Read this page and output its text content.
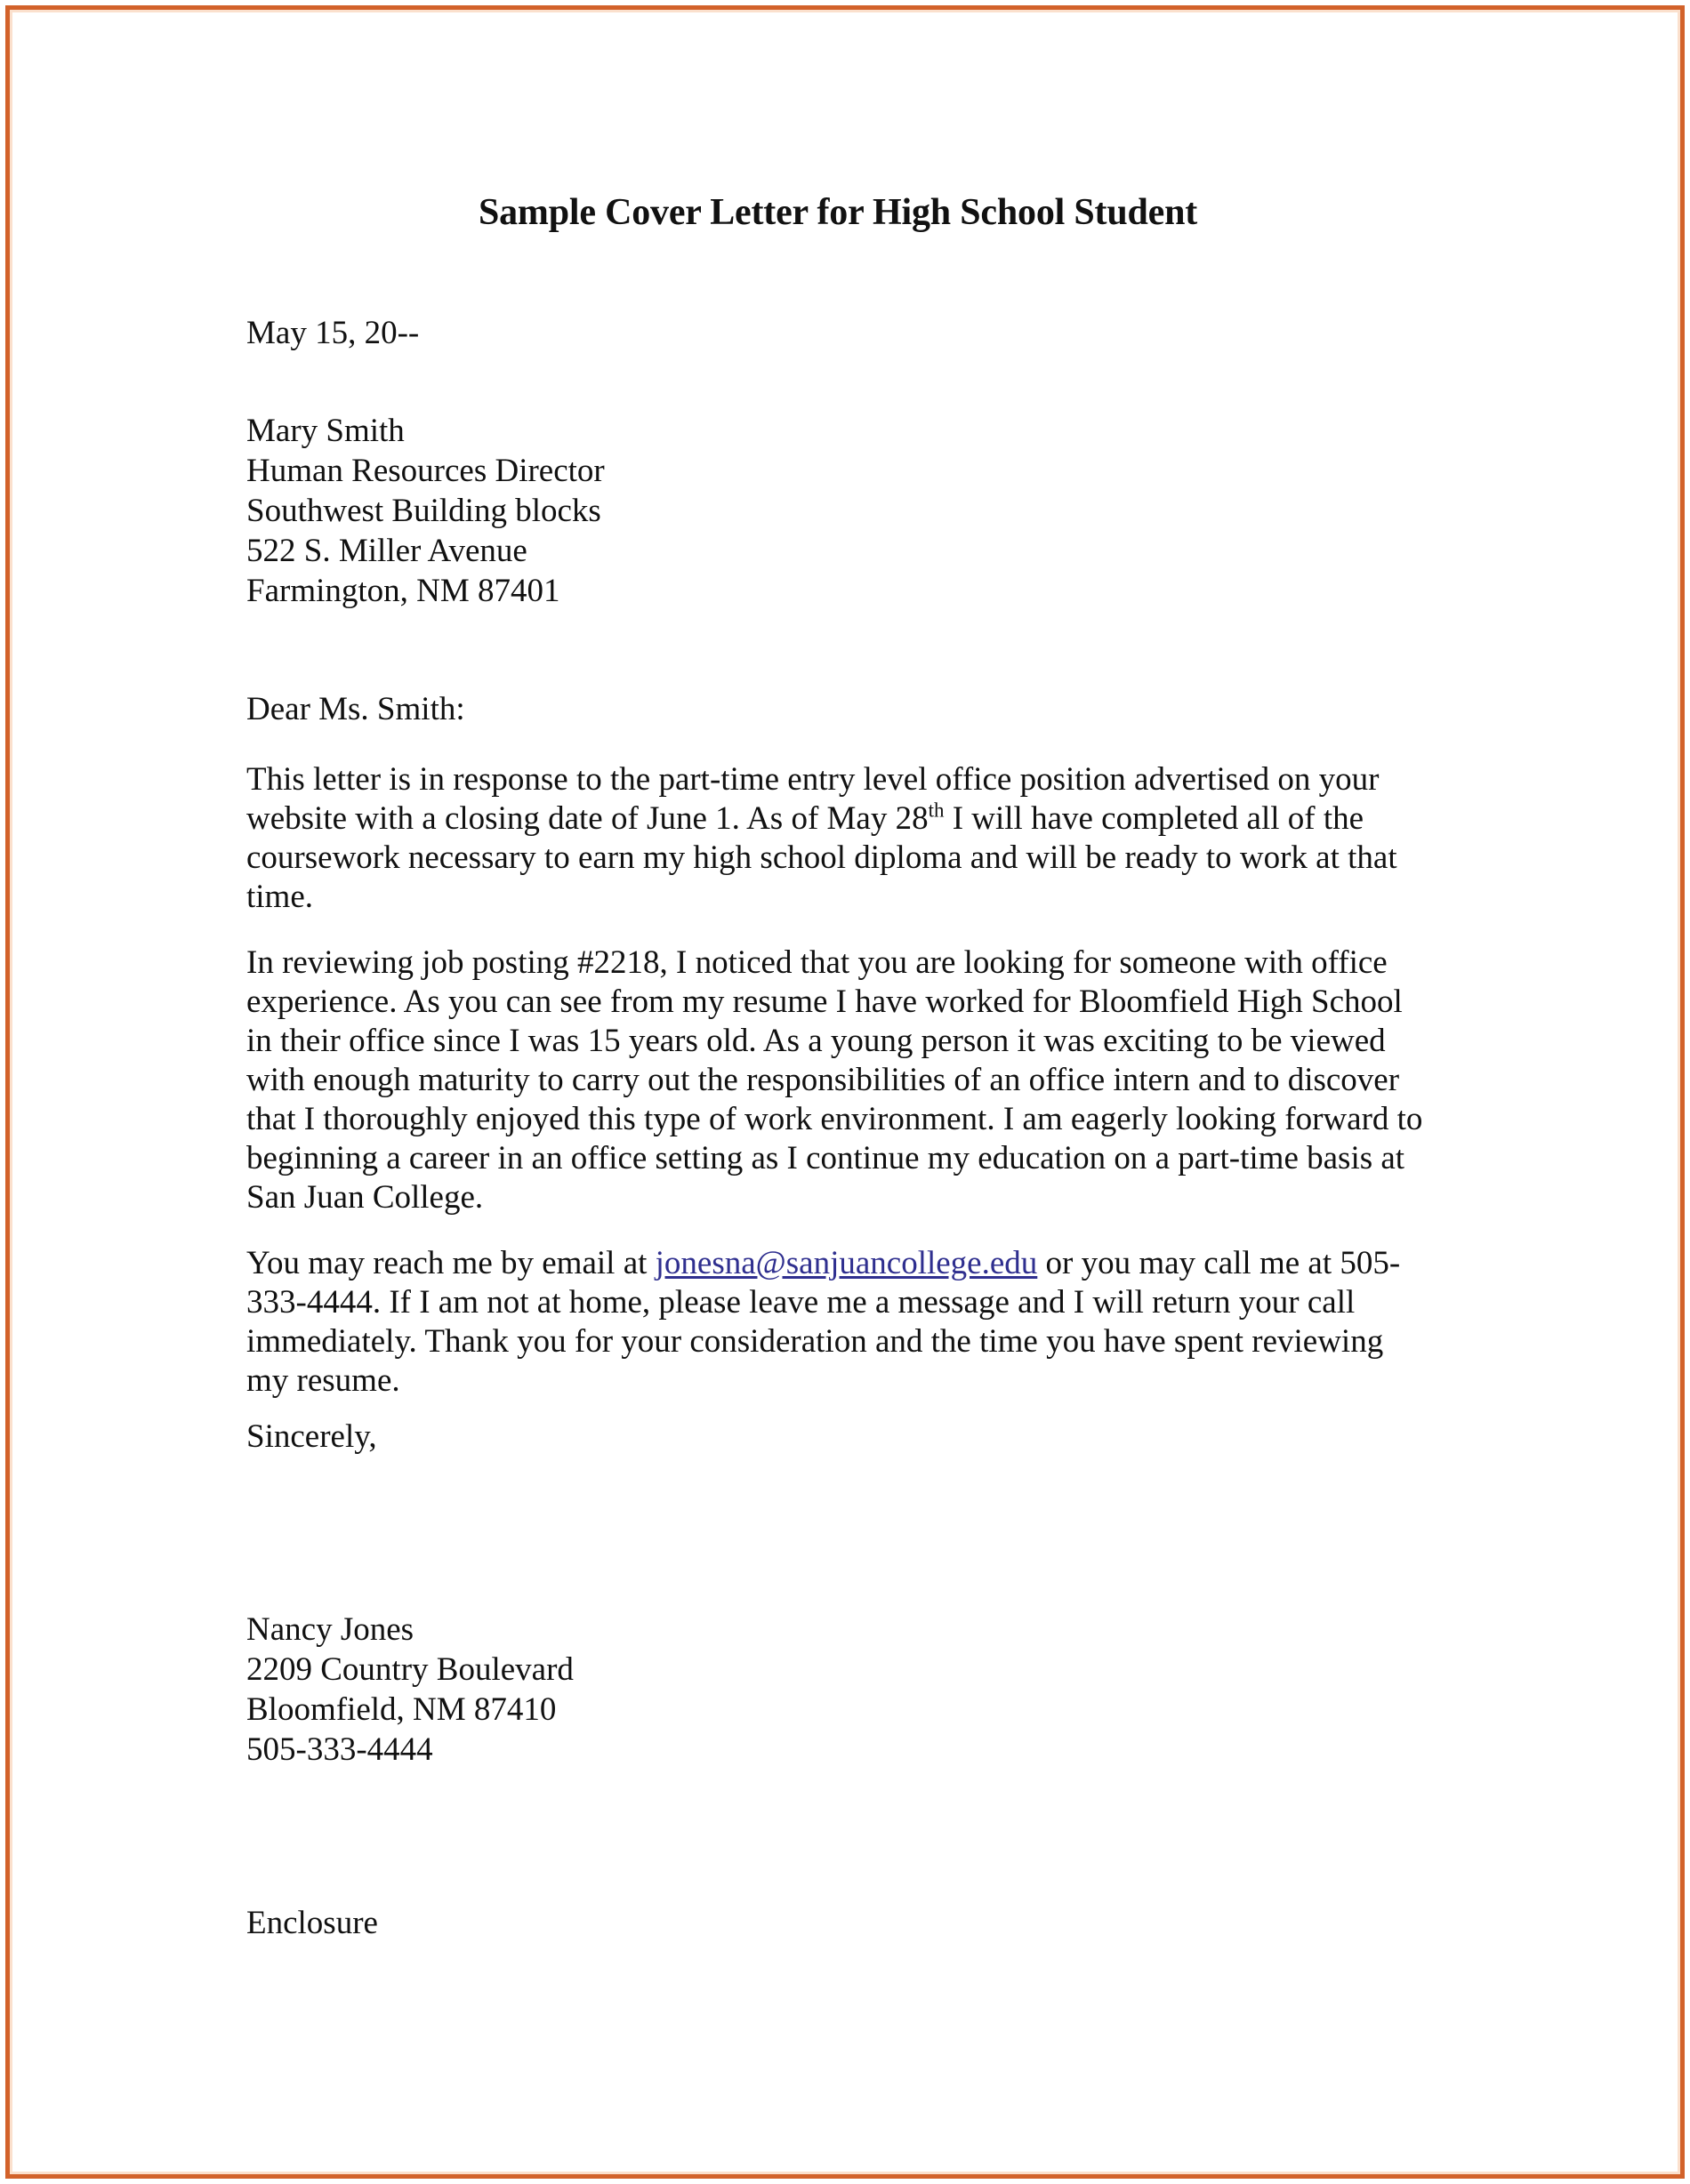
Sample Cover Letter for High School Student
May 15, 20--
Mary Smith
Human Resources Director
Southwest Building blocks
522 S. Miller Avenue
Farmington, NM 87401
Dear Ms. Smith:

This letter is in response to the part-time entry level office position advertised on your website with a closing date of June 1. As of May 28th I will have completed all of the coursework necessary to earn my high school diploma and will be ready to work at that time.

In reviewing job posting #2218, I noticed that you are looking for someone with office experience. As you can see from my resume I have worked for Bloomfield High School in their office since I was 15 years old. As a young person it was exciting to be viewed with enough maturity to carry out the responsibilities of an office intern and to discover that I thoroughly enjoyed this type of work environment. I am eagerly looking forward to beginning a career in an office setting as I continue my education on a part-time basis at San Juan College.

You may reach me by email at jonesna@sanjuancollege.edu or you may call me at 505-333-4444. If I am not at home, please leave me a message and I will return your call immediately. Thank you for your consideration and the time you have spent reviewing my resume.

Sincerely,
Nancy Jones
2209 Country Boulevard
Bloomfield, NM 87410
505-333-4444
Enclosure
